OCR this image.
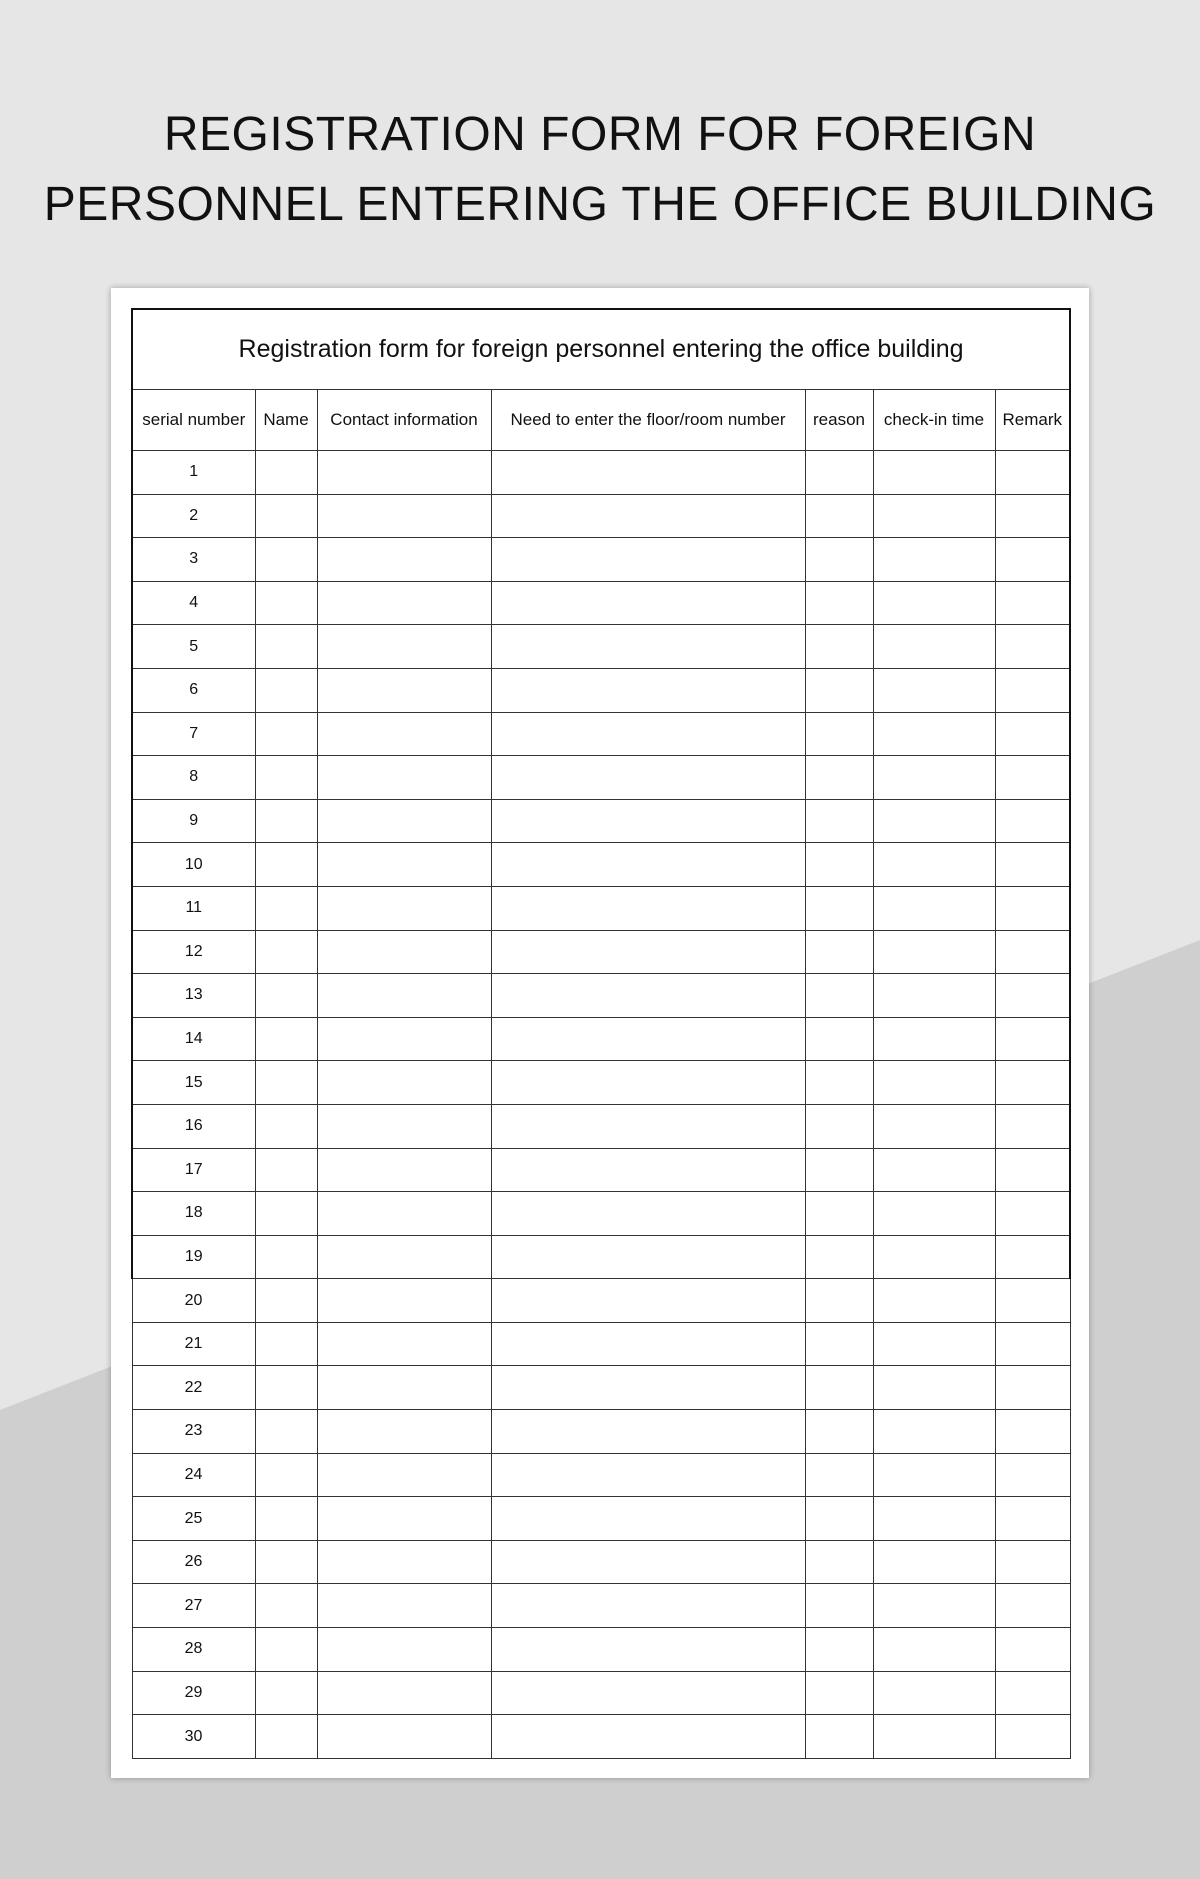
REGISTRATION FORM FOR FOREIGN
PERSONNEL ENTERING THE OFFICE BUILDING
Registration form for foreign personnel entering the office building						
serial number	Name	Contact information	Need to enter the floor/room number	reason	check-in time	Remark
1						
2						
3						
4						
5						
6						
7						
8						
9						
10						
11						
12						
13						
14						
15						
16						
17						
18						
19						
20						
21						
22						
23						
24						
25						
26						
27						
28						
29						
30						
